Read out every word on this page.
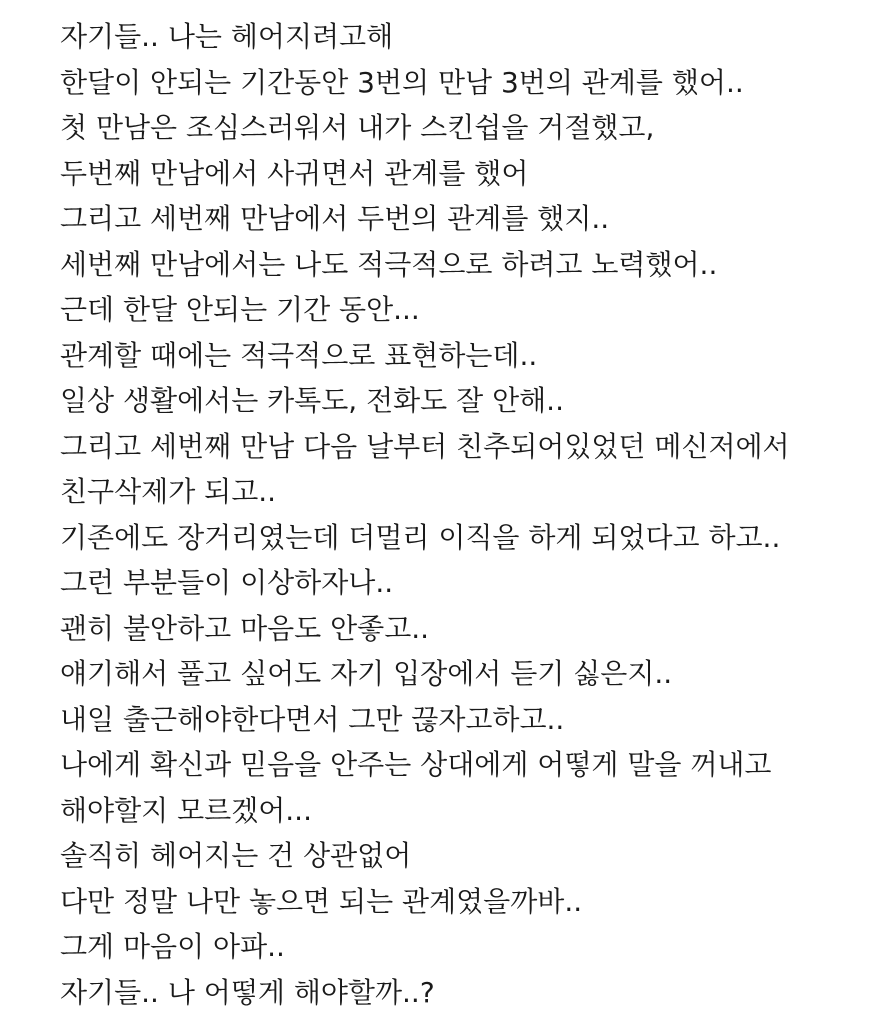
자기들.. 나는 헤어지려고해
한달이 안되는 기간동안 3번의 만남 3번의 관계를 했어..
첫 만남은 조심스러워서 내가 스킨쉽을 거절했고,
두번째 만남에서 사귀면서 관계를 했어
그리고 세번째 만남에서 두번의 관계를 했지..
세번째 만남에서는 나도 적극적으로 하려고 노력했어..
근데 한달 안되는 기간 동안...
관계할 때에는 적극적으로 표현하는데..
일상 생활에서는 카톡도, 전화도 잘 안해..
그리고 세번째 만남 다음 날부터 친추되어있었던 메신저에서
친구삭제가 되고..
기존에도 장거리였는데 더멀리 이직을 하게 되었다고 하고..
그런 부분들이 이상하자나..
괜히 불안하고 마음도 안좋고..
얘기해서 풀고 싶어도 자기 입장에서 듣기 싫은지..
내일 출근해야한다면서 그만 끊자고하고..
나에게 확신과 믿음을 안주는 상대에게 어떻게 말을 꺼내고
해야할지 모르겠어...
솔직히 헤어지는 건 상관없어
다만 정말 나만 놓으면 되는 관계였을까바..
그게 마음이 아파..
자기들.. 나 어떻게 해야할까..?
